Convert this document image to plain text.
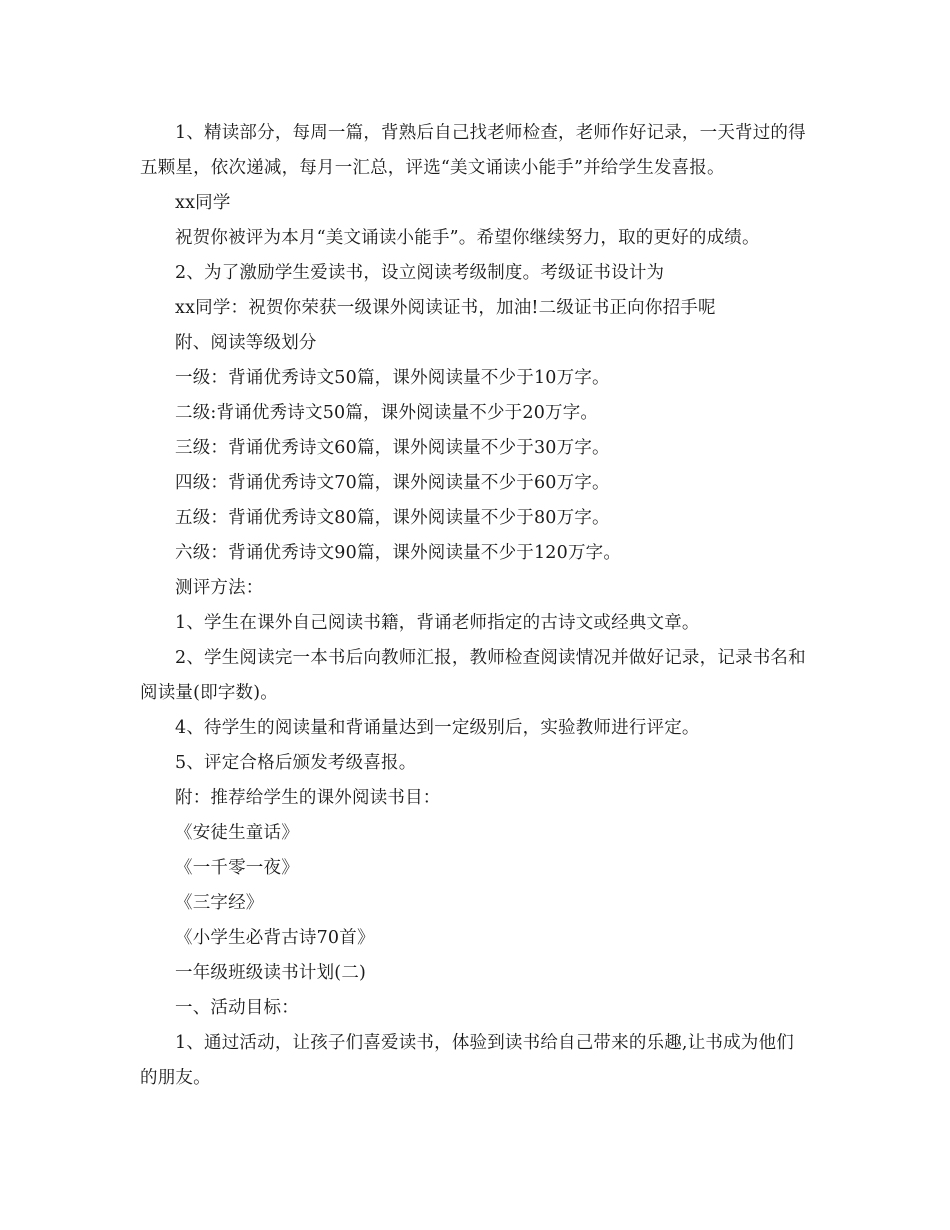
1、精读部分，每周一篇，背熟后自己找老师检查，老师作好记录，一天背过的得五颗星，依次递减，每月一汇总，评选“美文诵读小能手”并给学生发喜报。

xx同学

祝贺你被评为本月“美文诵读小能手”。希望你继续努力，取的更好的成绩。

2、为了激励学生爱读书，设立阅读考级制度。考级证书设计为

xx同学：祝贺你荣获一级课外阅读证书，加油!二级证书正向你招手呢

附、阅读等级划分

一级：背诵优秀诗文50篇，课外阅读量不少于10万字。

二级:背诵优秀诗文50篇，课外阅读量不少于20万字。

三级：背诵优秀诗文60篇，课外阅读量不少于30万字。

四级：背诵优秀诗文70篇，课外阅读量不少于60万字。

五级：背诵优秀诗文80篇，课外阅读量不少于80万字。

六级：背诵优秀诗文90篇，课外阅读量不少于120万字。

测评方法：

1、学生在课外自己阅读书籍，背诵老师指定的古诗文或经典文章。

2、学生阅读完一本书后向教师汇报，教师检查阅读情况并做好记录，记录书名和阅读量(即字数)。

4、待学生的阅读量和背诵量达到一定级别后，实验教师进行评定。

5、评定合格后颁发考级喜报。

附：推荐给学生的课外阅读书目：

《安徒生童话》

《一千零一夜》

《三字经》

《小学生必背古诗70首》

一年级班级读书计划(二)

一、活动目标：

1、通过活动，让孩子们喜爱读书，体验到读书给自己带来的乐趣,让书成为他们的朋友。
